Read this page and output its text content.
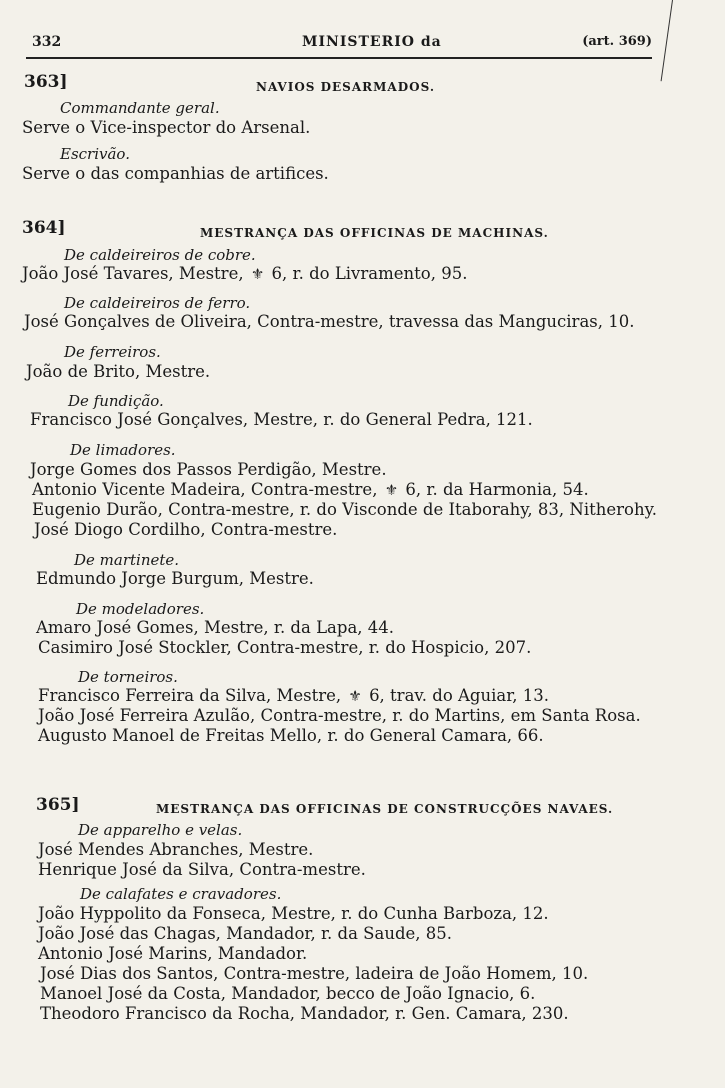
332	MINISTERIO da	(art. 369)
363]	NAVIOS DESARMADOS.
Commandante geral.
Serve o Vice-inspector do Arsenal.
Escrivão.
Serve o das companhias de artifices.
364]	MESTRANÇA DAS OFFICINAS DE MACHINAS.
De caldeireiros de cobre.
João José Tavares, Mestre, ⚜ 6, r. do Livramento, 95.
De caldeireiros de ferro.
José Gonçalves de Oliveira, Contra-mestre, travessa das Manguciras, 10.
De ferreiros.
João de Brito, Mestre.
De fundição.
Francisco José Gonçalves, Mestre, r. do General Pedra, 121.
De limadores.
Jorge Gomes dos Passos Perdigão, Mestre.
Antonio Vicente Madeira, Contra-mestre, ⚜ 6, r. da Harmonia, 54.
Eugenio Durão, Contra-mestre, r. do Visconde de Itaborahy, 83, Nitherohy.
José Diogo Cordilho, Contra-mestre.
De martinete.
Edmundo Jorge Burgum, Mestre.
De modeladores.
Amaro José Gomes, Mestre, r. da Lapa, 44.
Casimiro José Stockler, Contra-mestre, r. do Hospicio, 207.
De torneiros.
Francisco Ferreira da Silva, Mestre, ⚜ 6, trav. do Aguiar, 13.
João José Ferreira Azulão, Contra-mestre, r. do Martins, em Santa Rosa.
Augusto Manoel de Freitas Mello, r. do General Camara, 66.
365]	MESTRANÇA DAS OFFICINAS DE CONSTRUCÇÕES NAVAES.
De apparelho e velas.
José Mendes Abranches, Mestre.
Henrique José da Silva, Contra-mestre.
De calafates e cravadores.
João Hyppolito da Fonseca, Mestre, r. do Cunha Barboza, 12.
João José das Chagas, Mandador, r. da Saude, 85.
Antonio José Marins, Mandador.
José Dias dos Santos, Contra-mestre, ladeira de João Homem, 10.
Manoel José da Costa, Mandador, becco de João Ignacio, 6.
Theodoro Francisco da Rocha, Mandador, r. Gen. Camara, 230.
